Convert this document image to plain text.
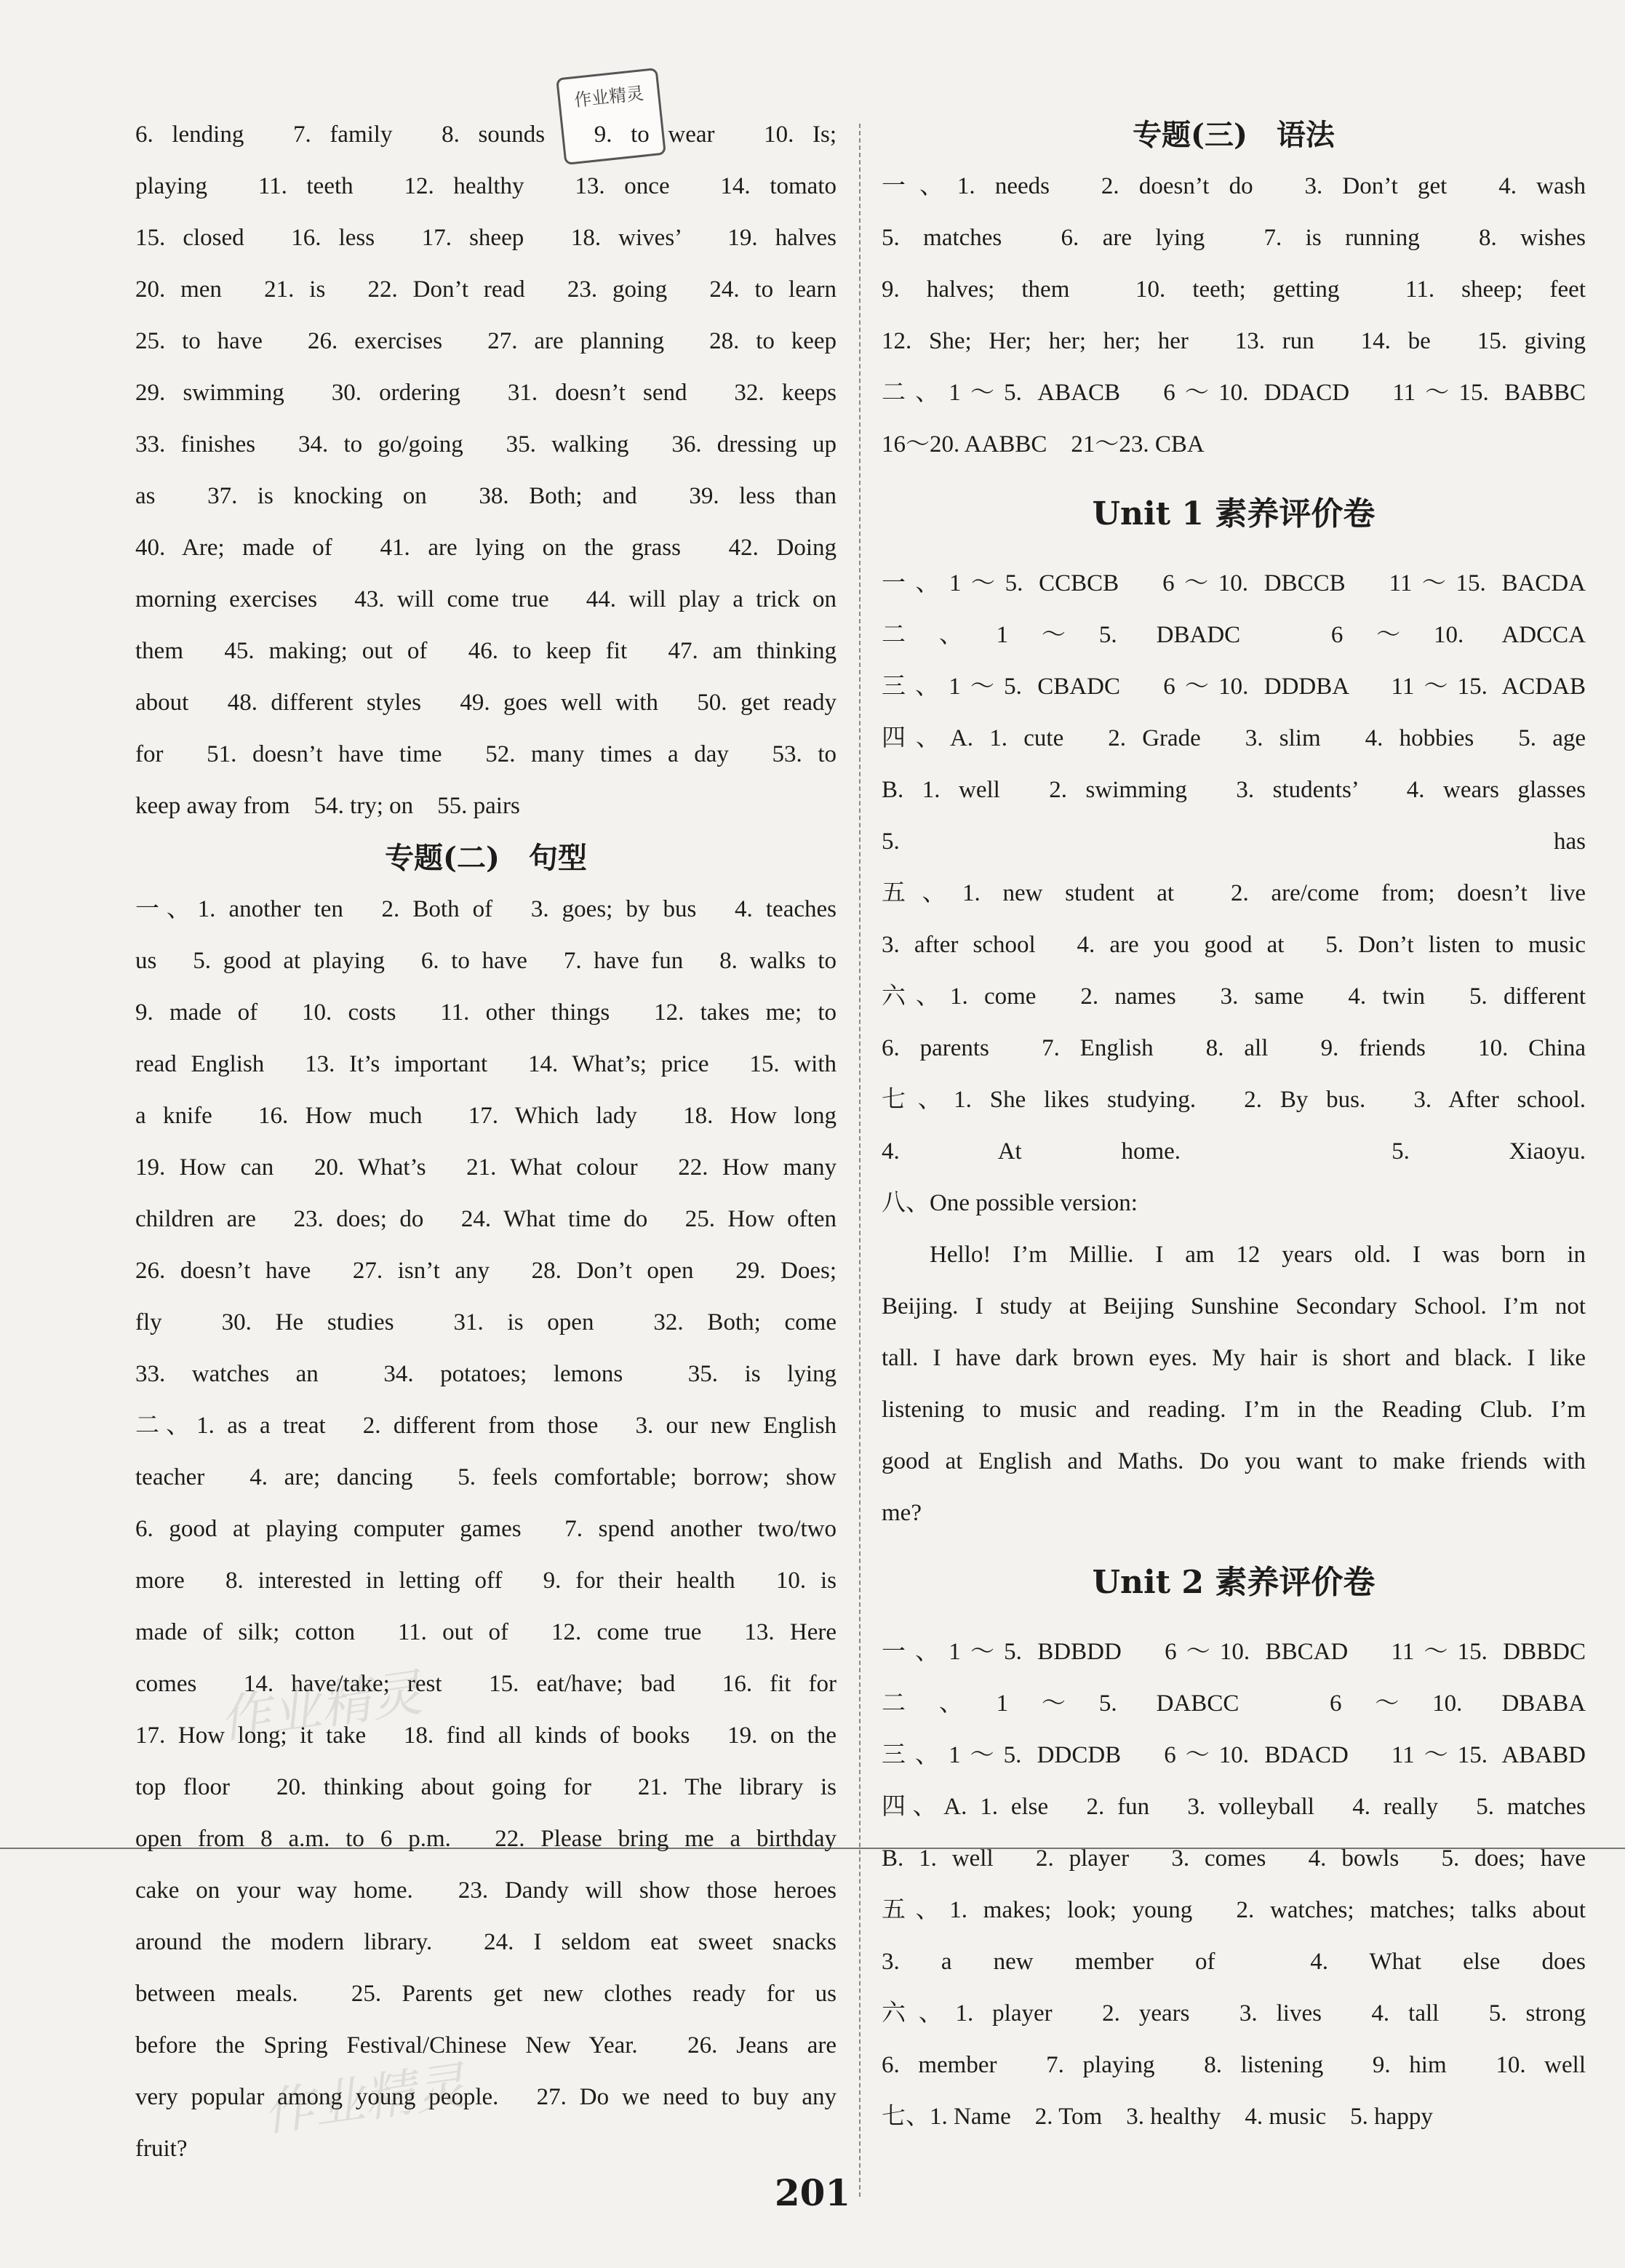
作业精灵
作业精灵
作业精灵

6. lending　7. family　8. sounds　9. to wear　10. Is;

playing　11. teeth　12. healthy　13. once　14. tomato

15. closed　16. less　17. sheep　18. wives’　19. halves

20. men　21. is　22. Don’t read　23. going　24. to learn

25. to have　26. exercises　27. are planning　28. to keep

29. swimming　30. ordering　31. doesn’t send　32. keeps

33. finishes　34. to go/going　35. walking　36. dressing up

as　37. is knocking on　38. Both; and　39. less than

40. Are; made of　41. are lying on the grass　42. Doing

morning exercises　43. will come true　44. will play a trick on

them　45. making; out of　46. to keep fit　47. am thinking

about　48. different styles　49. goes well with　50. get ready

for　51. doesn’t have time　52. many times a day　53. to

keep away from　54. try; on　55. pairs

专题(二)　句型

一、1. another ten　2. Both of　3. goes; by bus　4. teaches

us　5. good at playing　6. to have　7. have fun　8. walks to

9. made of　10. costs　11. other things　12. takes me; to

read English　13. It’s important　14. What’s; price　15. with

a knife　16. How much　17. Which lady　18. How long

19. How can　20. What’s　21. What colour　22. How many

children are　23. does; do　24. What time do　25. How often

26. doesn’t have　27. isn’t any　28. Don’t open　29. Does;

fly　30. He studies　31. is open　32. Both; come

33. watches an　34. potatoes; lemons　35. is lying

二、1. as a treat　2. different from those　3. our new English

teacher　4. are; dancing　5. feels comfortable; borrow; show

6. good at playing computer games　7. spend another two/two

more　8. interested in letting off　9. for their health　10. is

made of silk; cotton　11. out of　12. come true　13. Here

comes　14. have/take; rest　15. eat/have; bad　16. fit for

17. How long; it take　18. find all kinds of books　19. on the

top floor　20. thinking about going for　21. The library is

open from 8 a.m. to 6 p.m.　22. Please bring me a birthday

cake on your way home.　23. Dandy will show those heroes

around the modern library.　24. I seldom eat sweet snacks

between meals.　25. Parents get new clothes ready for us

before the Spring Festival/Chinese New Year.　26. Jeans are

very popular among young people.　27. Do we need to buy any

fruit?

专题(三)　语法

一、1. needs　2. doesn’t do　3. Don’t get　4. wash

5. matches　6. are lying　7. is running　8. wishes

9. halves; them　10. teeth; getting　11. sheep; feet

12. She; Her; her; her; her　13. run　14. be　15. giving

二、1～5. ABACB　6～10. DDACD　11～15. BABBC

16～20. AABBC　21～23. CBA

Unit 1 素养评价卷

一、1～5. CCBCB　6～10. DBCCB　11～15. BACDA

二、1～5. DBADC　6～10. ADCCA

三、1～5. CBADC　6～10. DDDBA　11～15. ACDAB

四、A. 1. cute　2. Grade　3. slim　4. hobbies　5. age

B. 1. well　2. swimming　3. students’　4. wears glasses

5. has

五、1. new student at　2. are/come from; doesn’t live

3. after school　4. are you good at　5. Don’t listen to music

六、1. come　2. names　3. same　4. twin　5. different

6. parents　7. English　8. all　9. friends　10. China

七、1. She likes studying.　2. By bus.　3. After school.

4. At home.　5. Xiaoyu.

八、One possible version:

Hello! I’m Millie. I am 12 years old. I was born in

Beijing. I study at Beijing Sunshine Secondary School. I’m not

tall. I have dark brown eyes. My hair is short and black. I like

listening to music and reading. I’m in the Reading Club. I’m

good at English and Maths. Do you want to make friends with

me?

Unit 2 素养评价卷

一、1～5. BDBDD　6～10. BBCAD　11～15. DBBDC

二、1～5. DABCC　6～10. DBABA

三、1～5. DDCDB　6～10. BDACD　11～15. ABABD

四、A. 1. else　2. fun　3. volleyball　4. really　5. matches

B. 1. well　2. player　3. comes　4. bowls　5. does; have

五、1. makes; look; young　2. watches; matches; talks about

3. a new member of　4. What else does

六、1. player　2. years　3. lives　4. tall　5. strong

6. member　7. playing　8. listening　9. him　10. well

七、1. Name　2. Tom　3. healthy　4. music　5. happy

201
